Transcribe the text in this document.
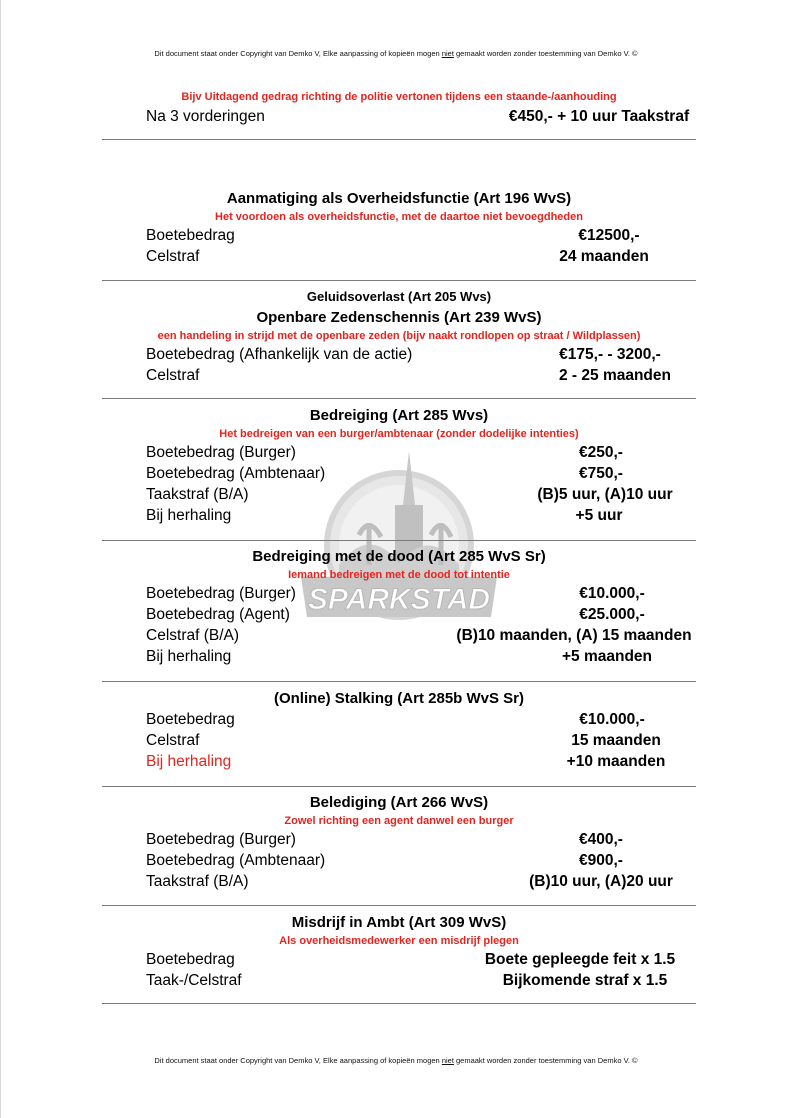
Dit document staat onder Copyright van Demko V, Elke aanpassing of kopieën mogen niet gemaakt worden zonder toestemming van Demko V. ©
SPARKSTAD
Bijv Uitdagend gedrag richting de politie vertonen tijdens een staande-/aanhouding
Na 3 vorderingen	€450,- + 10 uur Taakstraf
Aanmatiging als Overheidsfunctie (Art 196 WvS)
Het voordoen als overheidsfunctie, met de daartoe niet bevoegdheden
Boetebedrag	€12500,-
Celstraf	24 maanden
Geluidsoverlast (Art 205 Wvs)
Openbare Zedenschennis (Art 239 WvS)
een handeling in strijd met de openbare zeden (bijv naakt rondlopen op straat / Wildplassen)
Boetebedrag (Afhankelijk van de actie)	€175,- - 3200,-
Celstraf	2 - 25 maanden
Bedreiging (Art 285 Wvs)
Het bedreigen van een burger/ambtenaar (zonder dodelijke intenties)
Boetebedrag (Burger)	€250,-
Boetebedrag (Ambtenaar)	€750,-
Taakstraf (B/A)	(B)5 uur, (A)10 uur
Bij herhaling	+5 uur
Bedreiging met de dood (Art 285 WvS Sr)
Iemand bedreigen met de dood tot intentie
Boetebedrag (Burger)	€10.000,-
Boetebedrag (Agent)	€25.000,-
Celstraf (B/A)	(B)10 maanden, (A) 15 maanden
Bij herhaling	+5 maanden
(Online) Stalking (Art 285b WvS Sr)
Boetebedrag	€10.000,-
Celstraf	15 maanden
Bij herhaling	+10 maanden
Belediging (Art 266 WvS)
Zowel richting een agent danwel een burger
Boetebedrag (Burger)	€400,-
Boetebedrag (Ambtenaar)	€900,-
Taakstraf (B/A)	(B)10 uur, (A)20 uur
Misdrijf in Ambt (Art 309 WvS)
Als overheidsmedewerker een misdrijf plegen
Boetebedrag	Boete gepleegde feit x 1.5
Taak-/Celstraf	Bijkomende straf x 1.5
Dit document staat onder Copyright van Demko V, Elke aanpassing of kopieën mogen niet gemaakt worden zonder toestemming van Demko V. ©
